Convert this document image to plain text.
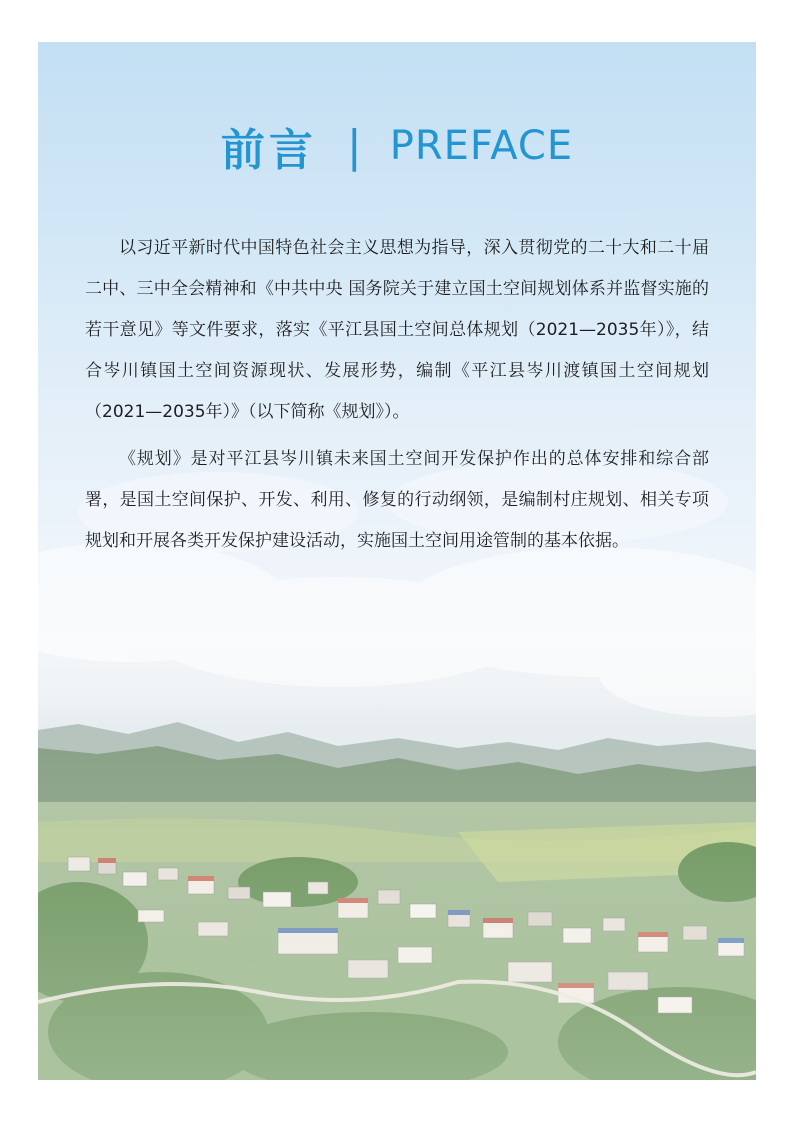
前言 | PREFACE

以习近平新时代中国特色社会主义思想为指导，深入贯彻党的二十大和二十届二中、三中全会精神和《中共中央 国务院关于建立国土空间规划体系并监督实施的若干意见》等文件要求，落实《平江县国土空间总体规划（2021—2035年）》，结合岑川镇国土空间资源现状、发展形势，编制《平江县岑川渡镇国土空间规划（2021—2035年）》（以下简称《规划》）。

《规划》是对平江县岑川镇未来国土空间开发保护作出的总体安排和综合部署，是国土空间保护、开发、利用、修复的行动纲领，是编制村庄规划、相关专项规划和开展各类开发保护建设活动，实施国土空间用途管制的基本依据。
